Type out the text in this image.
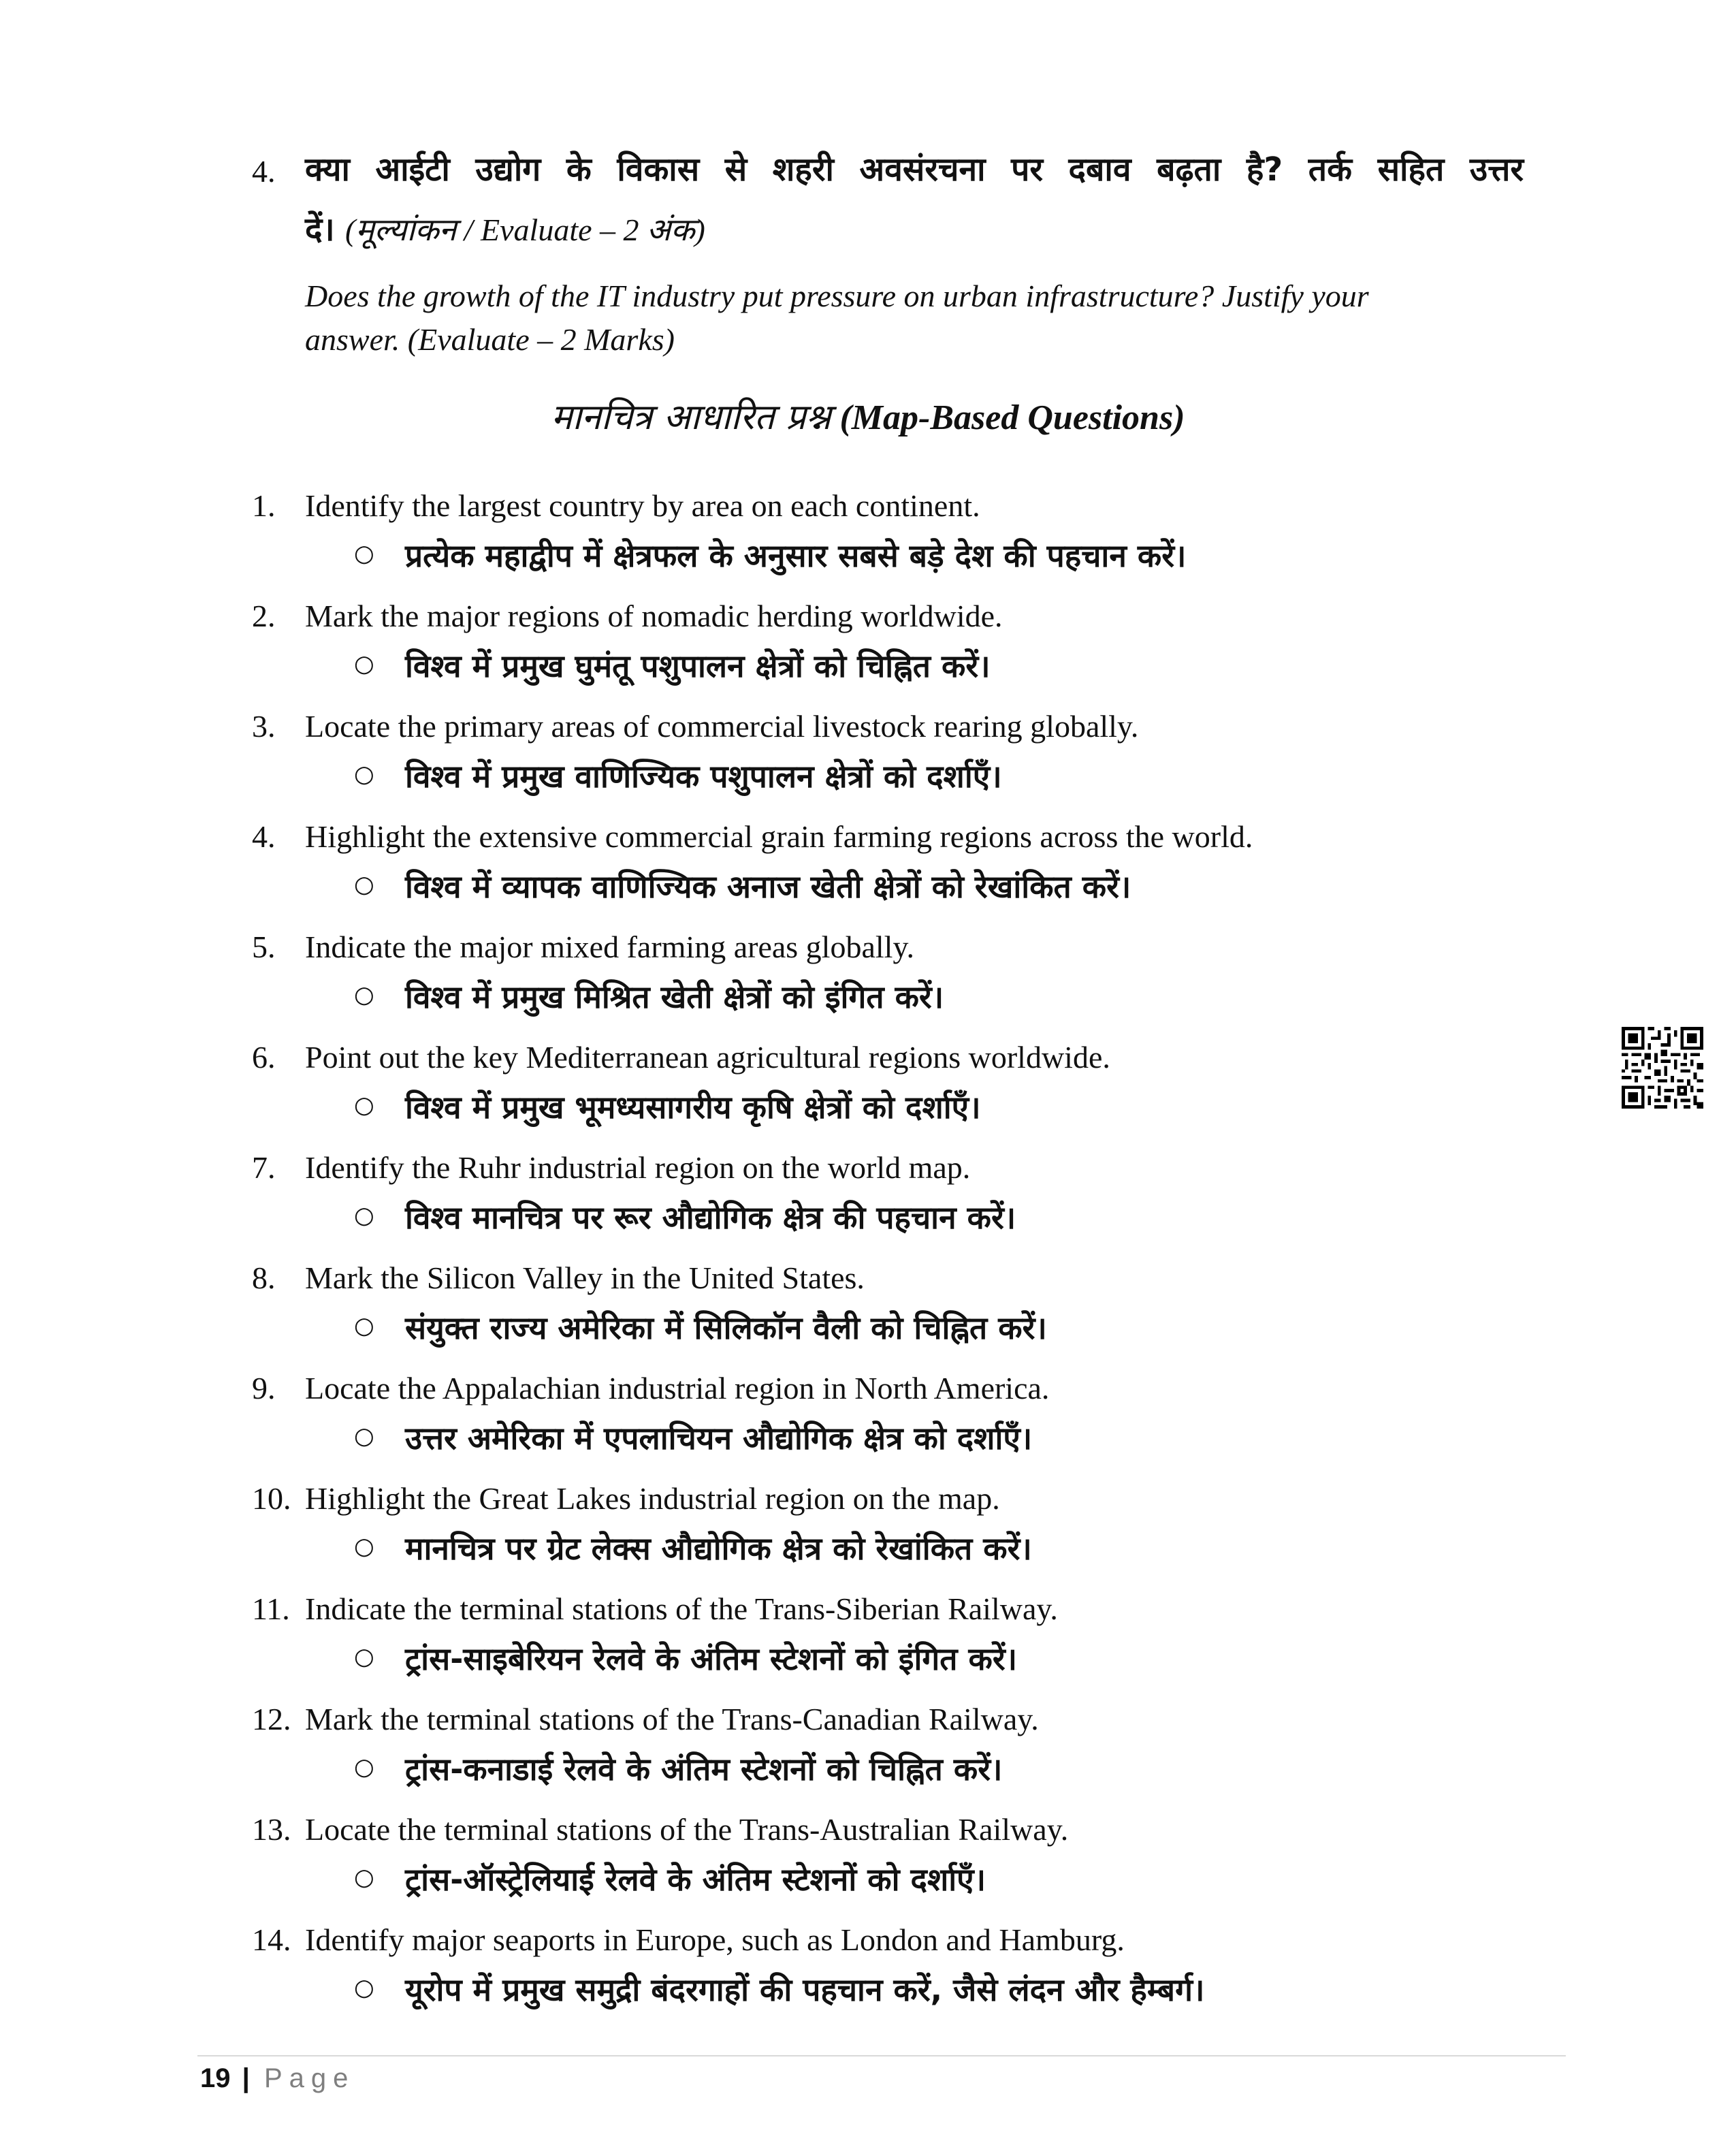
4. क्या आईटी उद्योग के विकास से शहरी अवसंरचना पर दबाव बढ़ता है? तर्क सहित उत्तर
दें। (मूल्यांकन / Evaluate – 2 अंक)
Does the growth of the IT industry put pressure on urban infrastructure? Justify your
answer. (Evaluate – 2 Marks)
मानचित्र आधारित प्रश्न (Map-Based Questions)
1. Identify the largest country by area on each continent.
○ प्रत्येक महाद्वीप में क्षेत्रफल के अनुसार सबसे बड़े देश की पहचान करें।
2. Mark the major regions of nomadic herding worldwide.
○ विश्व में प्रमुख घुमंतू पशुपालन क्षेत्रों को चिह्नित करें।
3. Locate the primary areas of commercial livestock rearing globally.
○ विश्व में प्रमुख वाणिज्यिक पशुपालन क्षेत्रों को दर्शाएँ।
4. Highlight the extensive commercial grain farming regions across the world.
○ विश्व में व्यापक वाणिज्यिक अनाज खेती क्षेत्रों को रेखांकित करें।
5. Indicate the major mixed farming areas globally.
○ विश्व में प्रमुख मिश्रित खेती क्षेत्रों को इंगित करें।
6. Point out the key Mediterranean agricultural regions worldwide.
○ विश्व में प्रमुख भूमध्यसागरीय कृषि क्षेत्रों को दर्शाएँ।
7. Identify the Ruhr industrial region on the world map.
○ विश्व मानचित्र पर रूर औद्योगिक क्षेत्र की पहचान करें।
8. Mark the Silicon Valley in the United States.
○ संयुक्त राज्य अमेरिका में सिलिकॉन वैली को चिह्नित करें।
9. Locate the Appalachian industrial region in North America.
○ उत्तर अमेरिका में एपलाचियन औद्योगिक क्षेत्र को दर्शाएँ।
10. Highlight the Great Lakes industrial region on the map.
○ मानचित्र पर ग्रेट लेक्स औद्योगिक क्षेत्र को रेखांकित करें।
11. Indicate the terminal stations of the Trans-Siberian Railway.
○ ट्रांस-साइबेरियन रेलवे के अंतिम स्टेशनों को इंगित करें।
12. Mark the terminal stations of the Trans-Canadian Railway.
○ ट्रांस-कनाडाई रेलवे के अंतिम स्टेशनों को चिह्नित करें।
13. Locate the terminal stations of the Trans-Australian Railway.
○ ट्रांस-ऑस्ट्रेलियाई रेलवे के अंतिम स्टेशनों को दर्शाएँ।
14. Identify major seaports in Europe, such as London and Hamburg.
○ यूरोप में प्रमुख समुद्री बंदरगाहों की पहचान करें, जैसे लंदन और हैम्बर्ग।
19 | Page
